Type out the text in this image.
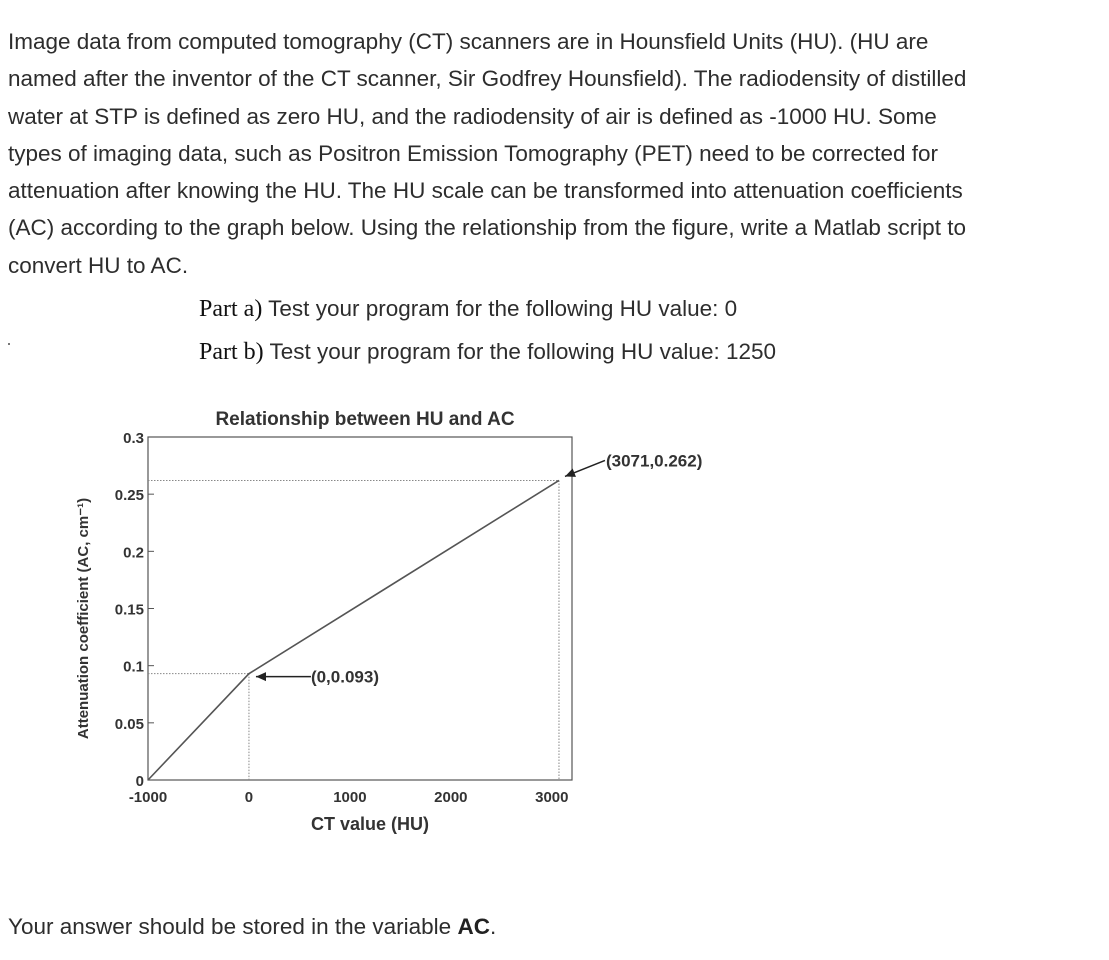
Image data from computed tomography (CT) scanners are in Hounsfield Units (HU). (HU are named after the inventor of the CT scanner, Sir Godfrey Hounsfield). The radiodensity of distilled water at STP is defined as zero HU, and the radiodensity of air is defined as -1000 HU. Some types of imaging data, such as Positron Emission Tomography (PET) need to be corrected for attenuation after knowing the HU. The HU scale can be transformed into attenuation coefficients (AC) according to the graph below. Using the relationship from the figure, write a Matlab script to convert HU to AC.

Part a) Test your program for the following HU value: 0
Part b) Test your program for the following HU value: 1250
0
0.05
0.1
0.15
0.2
0.25
0.3
-1000	0	1000	2000	3000
Relationship between HU and AC
CT value (HU)
Attenuation coefficient (AC, cm⁻¹)	(0,0.093)
(3071,0.262)

Your answer should be stored in the variable AC.
